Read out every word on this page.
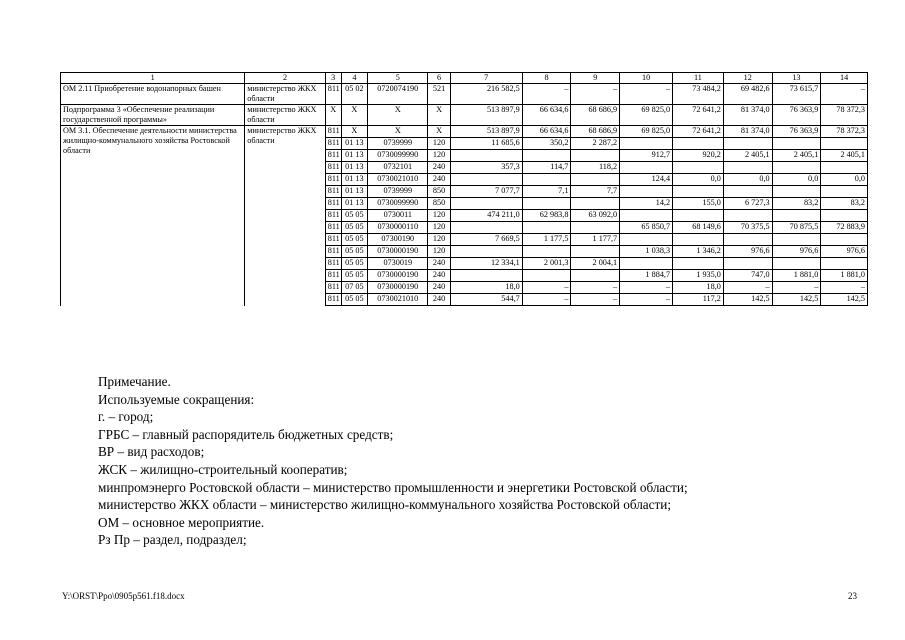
1	2	3	4	5	6	7	8	9	10	11	12	13	14
ОМ 2.11 Приобретение водонапорных башен	министерство ЖКХ области	811	05 02	0720074190	521	216 582,5	–	–	–	73 484,2	69 482,6	73 615,7	–
Подпрограмма 3 «Обеспечение реализации государственной программы»	министерство ЖКХ области	Х	Х	Х	Х	513 897,9	66 634,6	68 686,9	69 825,0	72 641,2	81 374,0	76 363,9	78 372,3
ОМ 3.1. Обеспечение деятельности министерства жилищно-коммунального хозяйства Ростовской области	министерство ЖКХ области	811	Х	Х	Х	513 897,9	66 634,6	68 686,9	69 825,0	72 641,2	81 374,0	76 363,9	78 372,3
		811	01 13	0739999	120	11 685,6	350,2	2 287,2					
		811	01 13	0730099990	120				912,7	920,2	2 405,1	2 405,1	2 405,1
		811	01 13	0732101	240	357,3	114,7	118,2					
		811	01 13	0730021010	240				124,4	0,0	0,0	0,0	0,0
		811	01 13	0739999	850	7 077,7	7,1	7,7					
		811	01 13	0730099990	850				14,2	155,0	6 727,3	83,2	83,2
		811	05 05	0730011	120	474 211,0	62 983,8	63 092,0					
		811	05 05	0730000110	120				65 850,7	68 149,6	70 375,5	70 875,5	72 883,9
		811	05 05	07300190	120	7 669,5	1 177,5	1 177,7					
		811	05 05	0730000190	120				1 038,3	1 346,2	976,6	976,6	976,6
		811	05 05	0730019	240	12 334,1	2 001,3	2 004,1					
		811	05 05	0730000190	240				1 884,7	1 935,0	747,0	1 881,0	1 881,0
		811	07 05	0730000190	240	18,0	–	–	–	18,0	–	–	–
		811	05 05	0730021010	240	544,7	–	–	–	117,2	142,5	142,5	142,5
Примечание.
Используемые сокращения:
г. – город;
ГРБС – главный распорядитель бюджетных средств;
ВР – вид расходов;
ЖСК – жилищно-строительный кооператив;
минпромэнерго Ростовской области – министерство промышленности и энергетики Ростовской области;
министерство ЖКХ области – министерство жилищно-коммунального хозяйства Ростовской области;
ОМ – основное мероприятие.
Рз Пр – раздел, подраздел;
Y:\ORST\Ppo\0905p561.f18.docx	23
